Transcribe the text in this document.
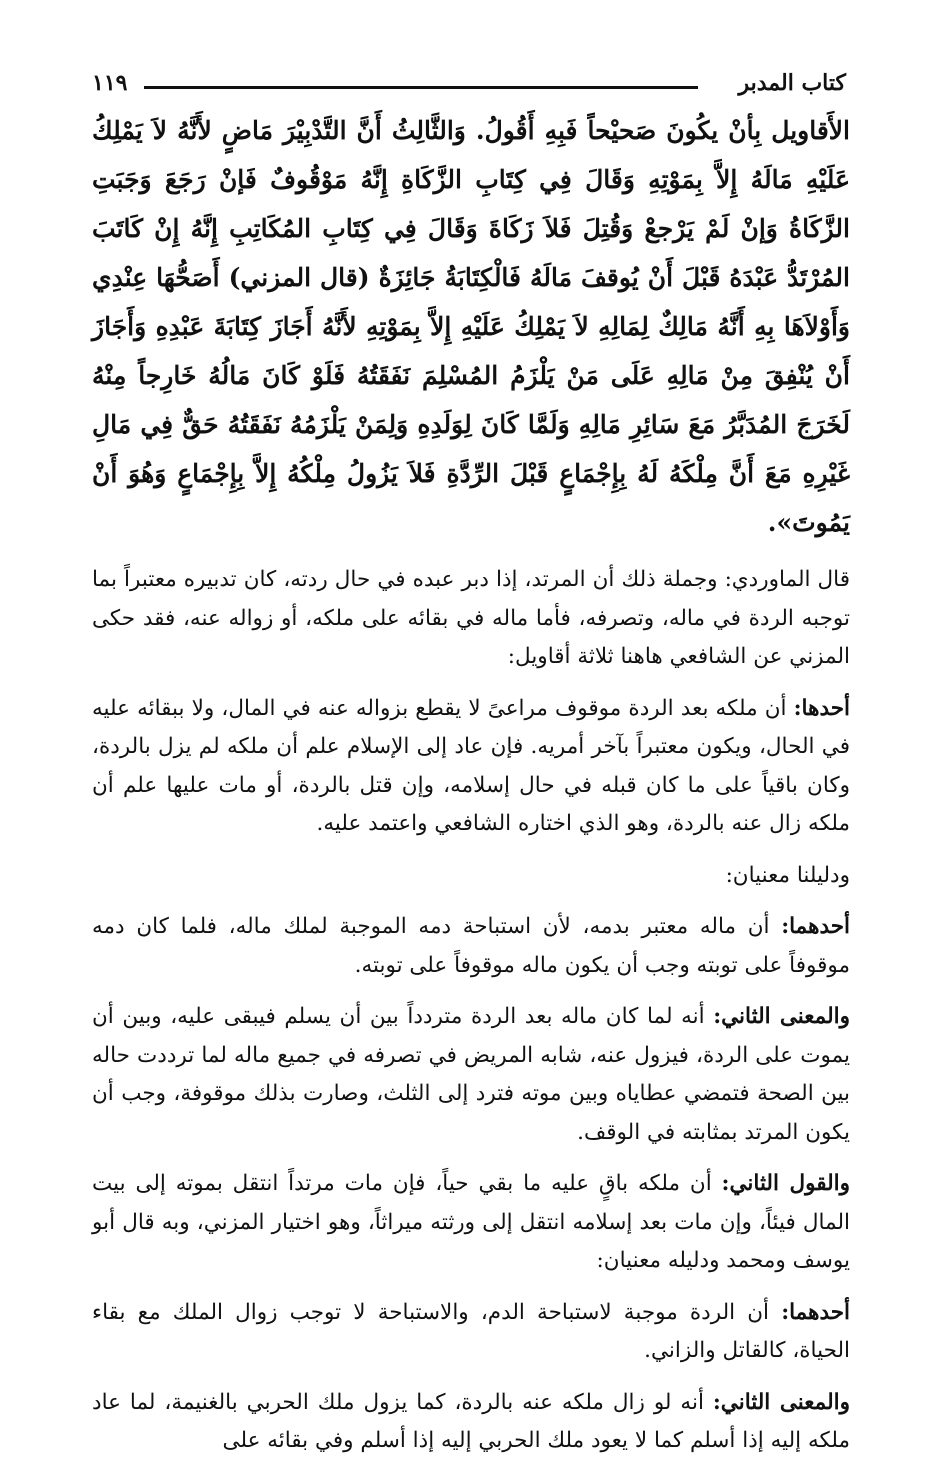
كتاب المدبر
١١٩
الأَقاويل بِأنْ يكُونَ صَحيْحاً فَبِهِ أَقُولُ. وَالثَّالِثُ أَنَّ التَّدْبِيْرَ مَاضٍ لأَنَّهُ لاَ يَمْلِكُ عَلَيْهِ مَالَهُ إِلاَّ بِمَوْتِهِ وَقَالَ فِي كِتَابِ الزَّكَاةِ إِنَّهُ مَوْقُوفٌ فَإنْ رَجَعَ وَجَبَتِ الزَّكَاةُ وَإنْ لَمْ يَرْجعْ وَقُتِلَ فَلاَ زَكَاةَ وَقَالَ فِي كِتَابِ المُكَاتِبِ إِنَّهُ إِنْ كَاتَبَ المُرْتَدُّ عَبْدَهُ قَبْلَ أَنْ يُوقفَ مَالَهُ فَالْكِتَابَةُ جَائِزَةٌ (قال المزني) أَصَحُّهَا عِنْدِي وَأَوْلاَهَا بِهِ أَنَّهُ مَالِكٌ لِمَالِهِ لاَ يَمْلِكُ عَلَيْهِ إِلاَّ بِمَوْتِهِ لأَنَّهُ أَجَازَ كِتَابَةَ عَبْدِهِ وَأَجَازَ أَنْ يُنْفِقَ مِنْ مَالِهِ عَلَى مَنْ يَلْزَمُ المُسْلِمَ نَفَقَتُهُ فَلَوْ كَانَ مَالُهُ خَارِجاً مِنْهُ لَخَرَجَ المُدَبَّرُ مَعَ سَائِرِ مَالِهِ وَلَمَّا كَانَ لِوَلَدِهِ وَلِمَنْ يَلْزَمُهُ نَفَقَتُهُ حَقٌّ فِي مَالِ غَيْرِهِ مَعَ أَنَّ مِلْكَهُ لَهُ بِإِجْمَاعٍ قَبْلَ الرِّدَّةِ فَلاَ يَزُولُ مِلْكُهُ إِلاَّ بِإِجْمَاعٍ وَهُوَ أَنْ يَمُوتَ».

قال الماوردي: وجملة ذلك أن المرتد، إذا دبر عبده في حال ردته، كان تدبيره معتبراً بما توجبه الردة في ماله، وتصرفه، فأما ماله في بقائه على ملكه، أو زواله عنه، فقد حكى المزني عن الشافعي هاهنا ثلاثة أقاويل:

أحدها: أن ملكه بعد الردة موقوف مراعىً لا يقطع بزواله عنه في المال، ولا ببقائه عليه في الحال، ويكون معتبراً بآخر أمريه. فإن عاد إلى الإسلام علم أن ملكه لم يزل بالردة، وكان باقياً على ما كان قبله في حال إسلامه، وإن قتل بالردة، أو مات عليها علم أن ملكه زال عنه بالردة، وهو الذي اختاره الشافعي واعتمد عليه.

ودليلنا معنيان:

أحدهما: أن ماله معتبر بدمه، لأن استباحة دمه الموجبة لملك ماله، فلما كان دمه موقوفاً على توبته وجب أن يكون ماله موقوفاً على توبته.

والمعنى الثاني: أنه لما كان ماله بعد الردة متردداً بين أن يسلم فيبقى عليه، وبين أن يموت على الردة، فيزول عنه، شابه المريض في تصرفه في جميع ماله لما ترددت حاله بين الصحة فتمضي عطاياه وبين موته فترد إلى الثلث، وصارت بذلك موقوفة، وجب أن يكون المرتد بمثابته في الوقف.

والقول الثاني: أن ملكه باقٍ عليه ما بقي حياً، فإن مات مرتداً انتقل بموته إلى بيت المال فيئاً، وإن مات بعد إسلامه انتقل إلى ورثته ميراثاً، وهو اختيار المزني، وبه قال أبو يوسف ومحمد ودليله معنيان:

أحدهما: أن الردة موجبة لاستباحة الدم، والاستباحة لا توجب زوال الملك مع بقاء الحياة، كالقاتل والزاني.

والمعنى الثاني: أنه لو زال ملكه عنه بالردة، كما يزول ملك الحربي بالغنيمة، لما عاد ملكه إليه إذا أسلم كما لا يعود ملك الحربي إليه إذا أسلم وفي بقائه على
